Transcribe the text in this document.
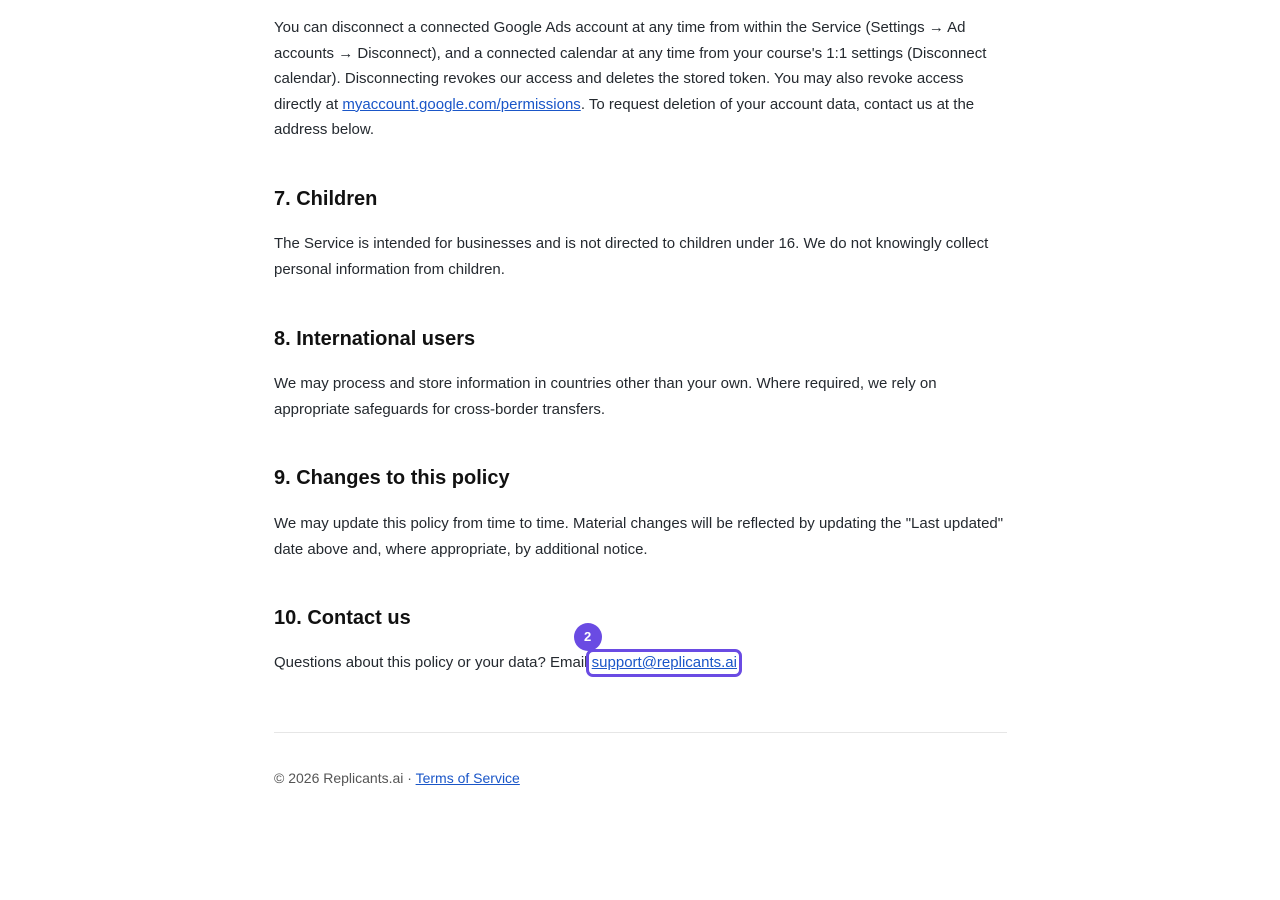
You can disconnect a connected Google Ads account at any time from within the Service (Settings → Ad accounts → Disconnect), and a connected calendar at any time from your course's 1:1 settings (Disconnect calendar). Disconnecting revokes our access and deletes the stored token. You may also revoke access directly at myaccount.google.com/permissions. To request deletion of your account data, contact us at the address below.

7. Children

The Service is intended for businesses and is not directed to children under 16. We do not knowingly collect personal information from children.

8. International users

We may process and store information in countries other than your own. Where required, we rely on appropriate safeguards for cross-border transfers.

9. Changes to this policy

We may update this policy from time to time. Material changes will be reflected by updating the "Last updated" date above and, where appropriate, by additional notice.

10. Contact us

Questions about this policy or your data? Email support@replicants.ai
2

© 2026 Replicants.ai · Terms of Service
